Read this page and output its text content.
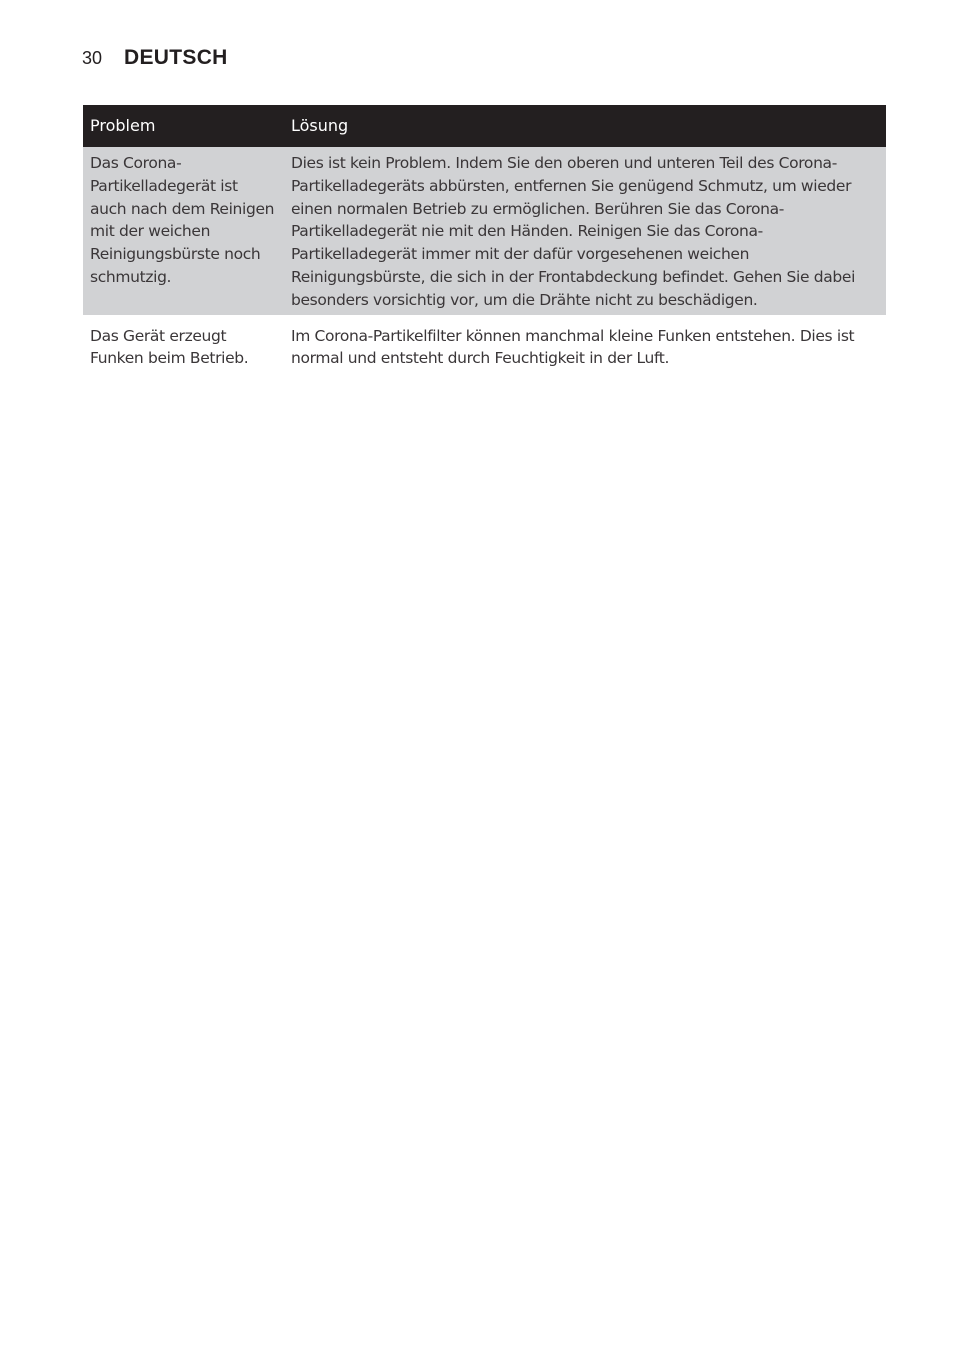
30 DEUTSCH
Problem	Lösung
Das Corona-Partikelladegerät ist auch nach dem Reinigen mit der weichen Reinigungsbürste noch schmutzig.	Dies ist kein Problem. Indem Sie den oberen und unteren Teil des Corona-Partikelladegeräts abbürsten, entfernen Sie genügend Schmutz, um wieder einen normalen Betrieb zu ermöglichen. Berühren Sie das Corona-Partikelladegerät nie mit den Händen. Reinigen Sie das Corona-Partikelladegerät immer mit der dafür vorgesehenen weichen Reinigungsbürste, die sich in der Frontabdeckung befindet. Gehen Sie dabei besonders vorsichtig vor, um die Drähte nicht zu beschädigen.
Das Gerät erzeugt Funken beim Betrieb.	Im Corona-Partikelfilter können manchmal kleine Funken entstehen. Dies ist normal und entsteht durch Feuchtigkeit in der Luft.
